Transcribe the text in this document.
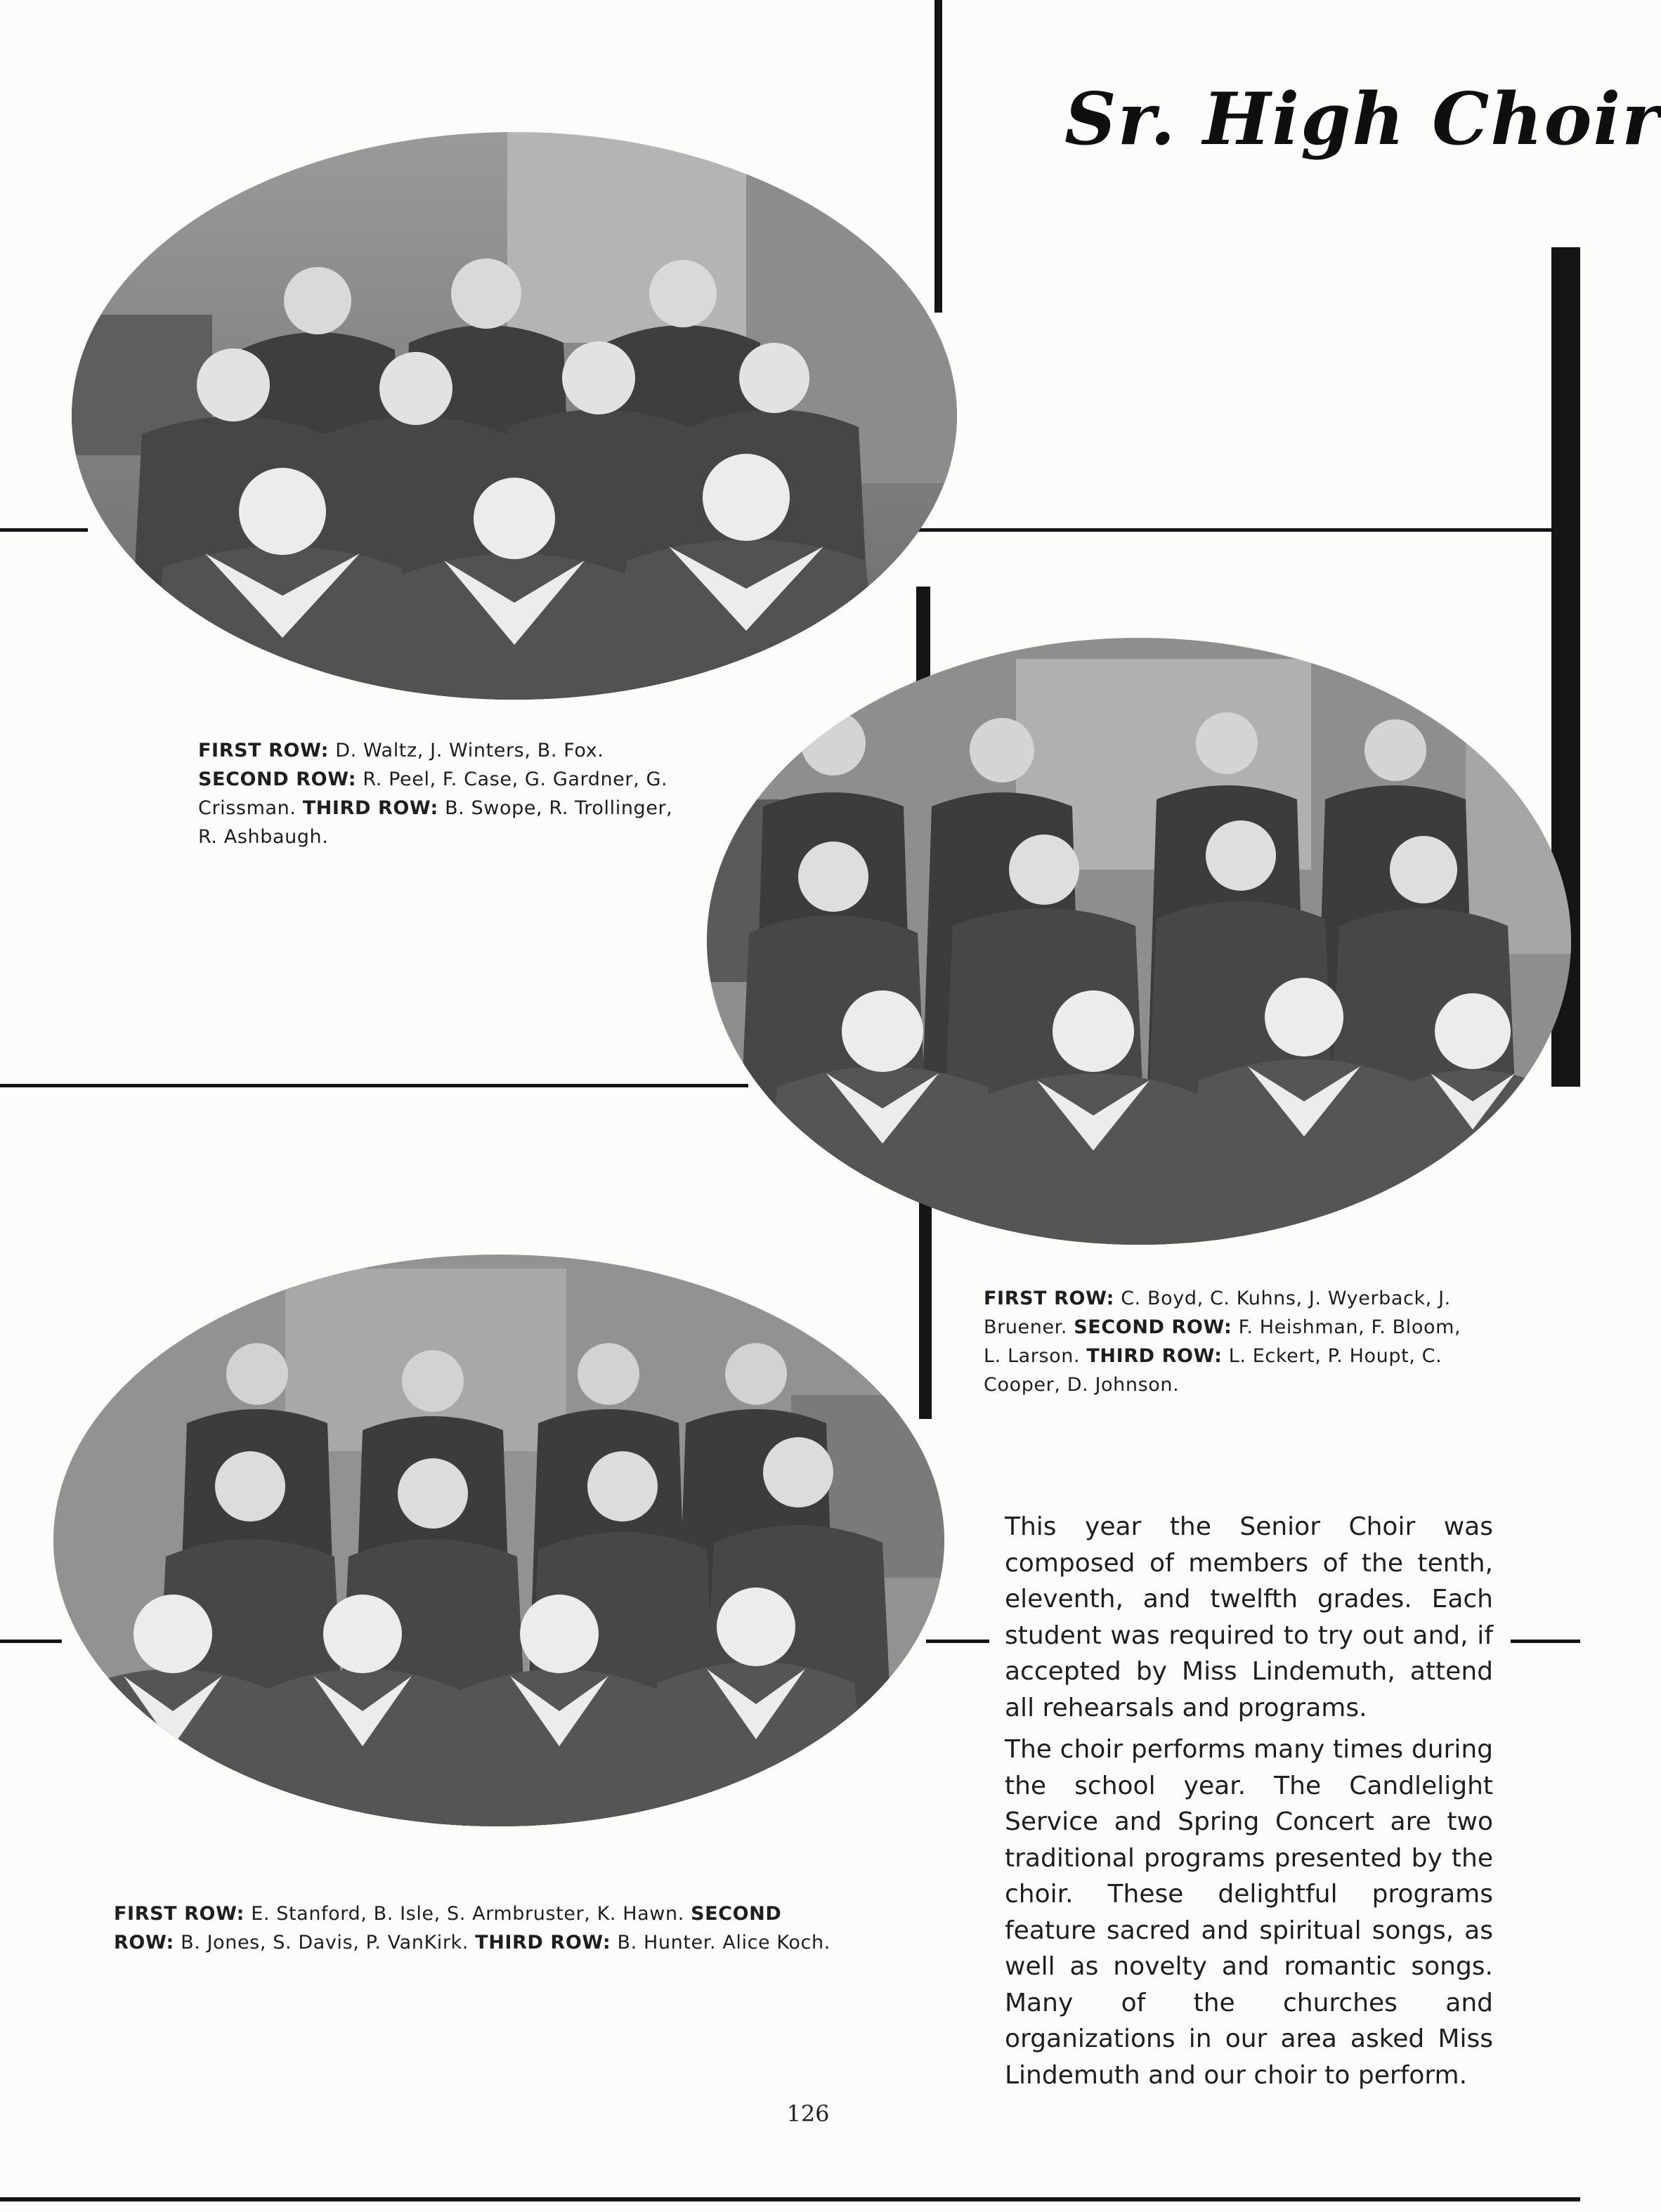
Sr. High Choir
FIRST ROW: D. Waltz, J. Winters, B. Fox. SECOND ROW: R. Peel, F. Case, G. Gardner, G. Crissman. THIRD ROW: B. Swope, R. Trollinger, R. Ashbaugh.
FIRST ROW: C. Boyd, C. Kuhns, J. Wyerback, J. Bruener. SECOND ROW: F. Heishman, F. Bloom, L. Larson. THIRD ROW: L. Eckert, P. Houpt, C. Cooper, D. Johnson.
FIRST ROW: E. Stanford, B. Isle, S. Armbruster, K. Hawn. SECOND ROW: B. Jones, S. Davis, P. VanKirk. THIRD ROW: B. Hunter. Alice Koch.

This year the Senior Choir was composed of members of the tenth, eleventh, and twelfth grades. Each student was required to try out and, if accepted by Miss Lindemuth, attend all rehearsals and programs.

The choir performs many times during the school year. The Candlelight Service and Spring Concert are two traditional programs presented by the choir. These delightful programs feature sacred and spiritual songs, as well as novelty and romantic songs. Many of the churches and organizations in our area asked Miss Lindemuth and our choir to perform.

126
